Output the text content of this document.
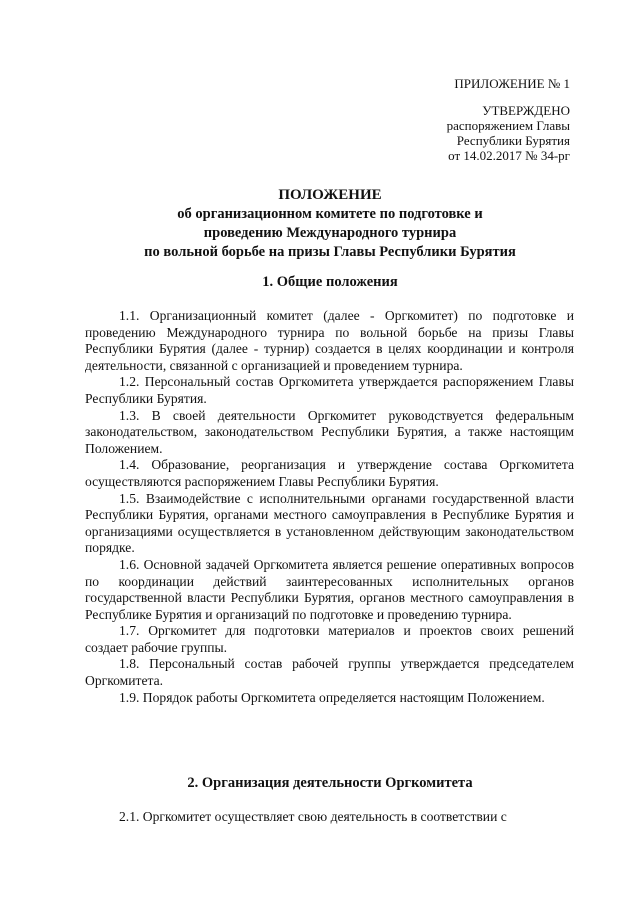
ПРИЛОЖЕНИЕ № 1
УТВЕРЖДЕНО
распоряжением Главы
Республики Бурятия
от 14.02.2017 № 34-рг
ПОЛОЖЕНИЕ
об организационном комитете по подготовке и
проведению Международного турнира
по вольной борьбе на призы Главы Республики Бурятия
1. Общие положения

1.1. Организационный комитет (далее - Оргкомитет) по подготовке и проведению Международного турнира по вольной борьбе на призы Главы Республики Бурятия (далее - турнир) создается в целях координации и контроля деятельности, связанной с организацией и проведением турнира.

1.2. Персональный состав Оргкомитета утверждается распоряжением Главы Республики Бурятия.

1.3. В своей деятельности Оргкомитет руководствуется федеральным законодательством, законодательством Республики Бурятия, а также настоящим Положением.

1.4. Образование, реорганизация и утверждение состава Оргкомитета осуществляются распоряжением Главы Республики Бурятия.

1.5. Взаимодействие с исполнительными органами государственной власти Республики Бурятия, органами местного самоуправления в Республике Бурятия и организациями осуществляется в установленном действующим законодательством порядке.

1.6. Основной задачей Оргкомитета является решение оперативных вопросов по координации действий заинтересованных исполнительных органов государственной власти Республики Бурятия, органов местного самоуправления в Республике Бурятия и организаций по подготовке и проведению турнира.

1.7. Оргкомитет для подготовки материалов и проектов своих решений создает рабочие группы.

1.8. Персональный состав рабочей группы утверждается председателем Оргкомитета.

1.9. Порядок работы Оргкомитета определяется настоящим Положением.

2. Организация деятельности Оргкомитета

2.1. Оргкомитет осуществляет свою деятельность в соответствии с
